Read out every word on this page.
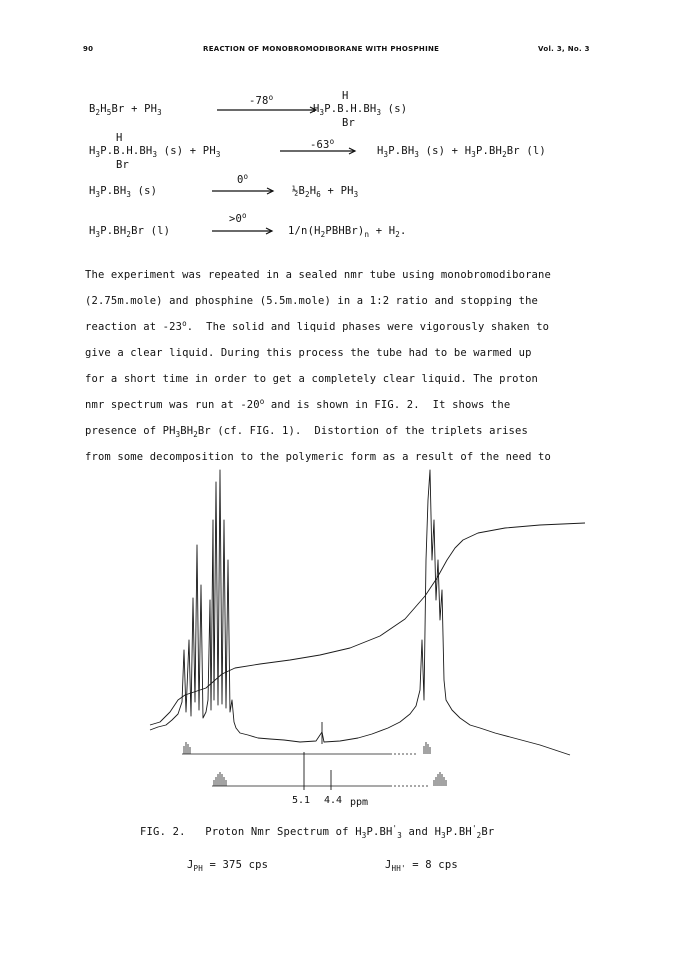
90	REACTION OF MONOBROMODIBORANE WITH PHOSPHINE	Vol. 3, No. 3
$B_2H_5Br + PH_3$
-78$^o$	H
$H_3P.B.H.BH_3$ (s)
Br
H
$H_3P.B.H.BH_3$ $(s) + PH_3$
Br
-63$^o$
$H_3P.BH_3$ $(s) + H_3P.BH_2Br$ (l)
$H_3P.BH_3$ (s)
0$^o$
$\frac{1}{2}B_2H_6 + PH_3$
$H_3P.BH_2Br$ (l)
$>0^o$
$1/n(H_2PBHBr)_n + H_2$.
The experiment was repeated in a sealed nmr tube using monobromodiborane
(2.75m.mole) and phosphine (5.5m.mole) in a 1:2 ratio and stopping the
reaction at -23$^o$.  The solid and liquid phases were vigorously shaken to
give a clear liquid. During this process the tube had to be warmed up
for a short time in order to get a completely clear liquid. The proton
nmr spectrum was run at -20$^o$ and is shown in FIG. 2.  It shows the
presence of $PH_3BH_2Br$ (cf. FIG. 1).  Distortion of the triplets arises
from some decomposition to the polymeric form as a result of the need to
5.1 4.4 ppm
FIG. 2.   Proton Nmr Spectrum of $H_3P.BH'_3$ and $H_3P.BH'_2Br$
$J_{PH} = 375$ cps	$J_{HH'} = 8$ cps
